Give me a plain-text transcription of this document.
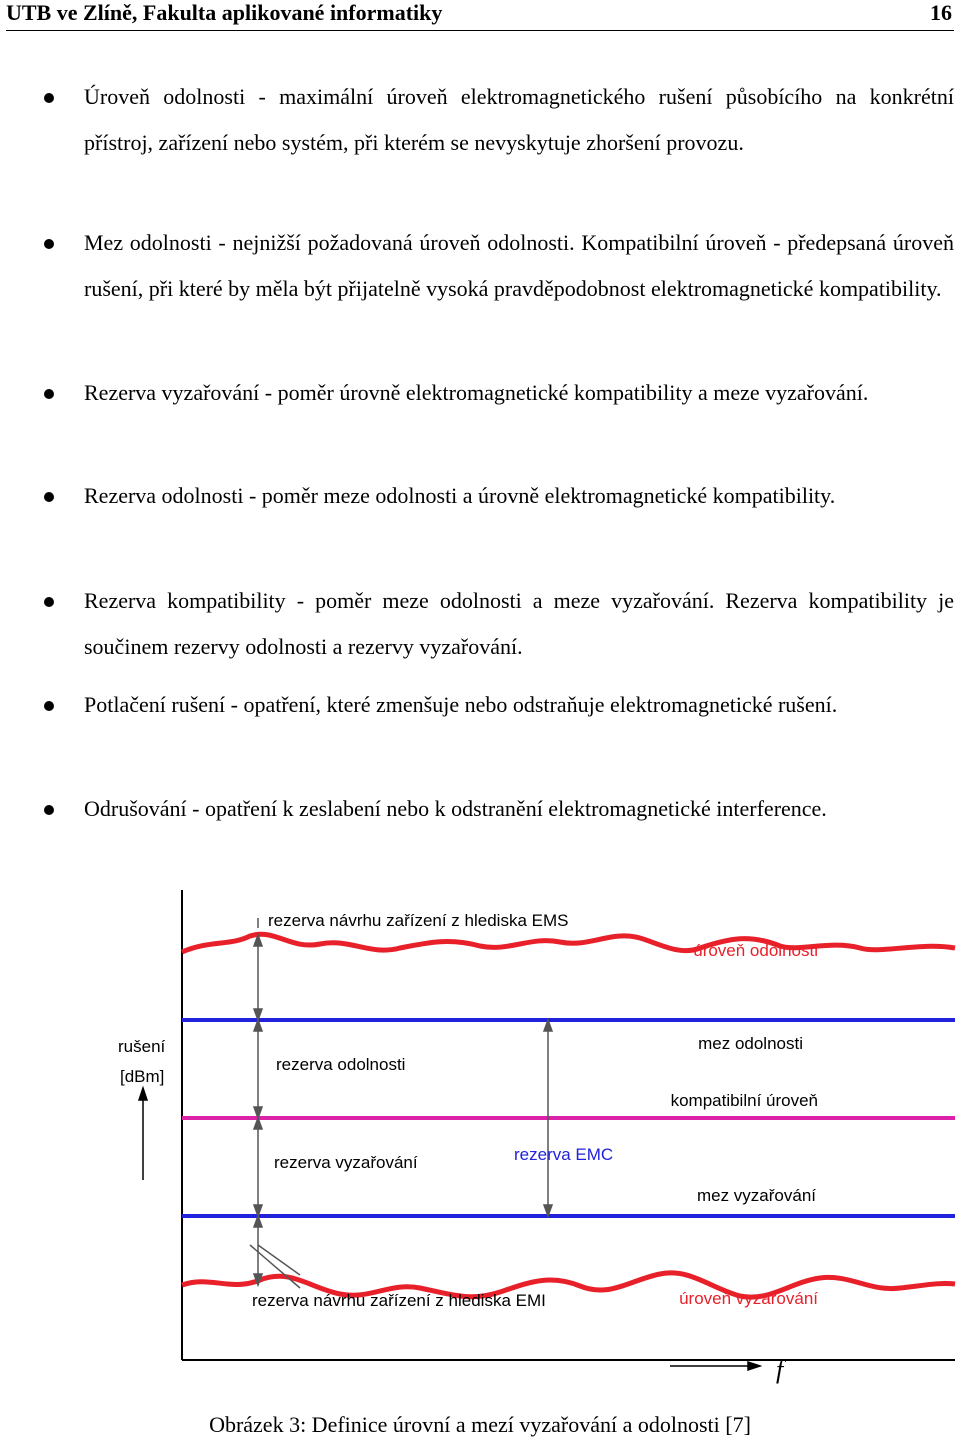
UTB ve Zlíně, Fakulta aplikované informatiky	16
Úroveň odolnosti - maximální úroveň elektromagnetického rušení působícího na konkrétní přístroj, zařízení nebo systém, při kterém se nevyskytuje zhoršení provozu.
Mez odolnosti - nejnižší požadovaná úroveň odolnosti. Kompatibilní úroveň - předepsaná úroveň rušení, při které by měla být přijatelně vysoká pravděpodobnost elektromagnetické kompatibility.
Rezerva vyzařování - poměr úrovně elektromagnetické kompatibility a meze vyzařování.
Rezerva odolnosti - poměr meze odolnosti a úrovně elektromagnetické kompatibility.
Rezerva kompatibility - poměr meze odolnosti a meze vyzařování. Rezerva kompatibility je součinem rezervy odolnosti a rezervy vyzařování.
Potlačení rušení - opatření, které zmenšuje nebo odstraňuje elektromagnetické rušení.
Odrušování - opatření k zeslabení nebo k odstranění elektromagnetické interference.
rezerva návrhu zařízení z hlediska EMS
úroveň odolnosti
rušení
[dBm]
rezerva odolnosti
mez odolnosti
kompatibilní úroveň
rezerva EMC
rezerva vyzařování
mez vyzařování
rezerva návrhu zařízení z hlediska EMI	úroveň vyzařování
f
Obrázek 3: Definice úrovní a mezí vyzařování a odolnosti [7]
